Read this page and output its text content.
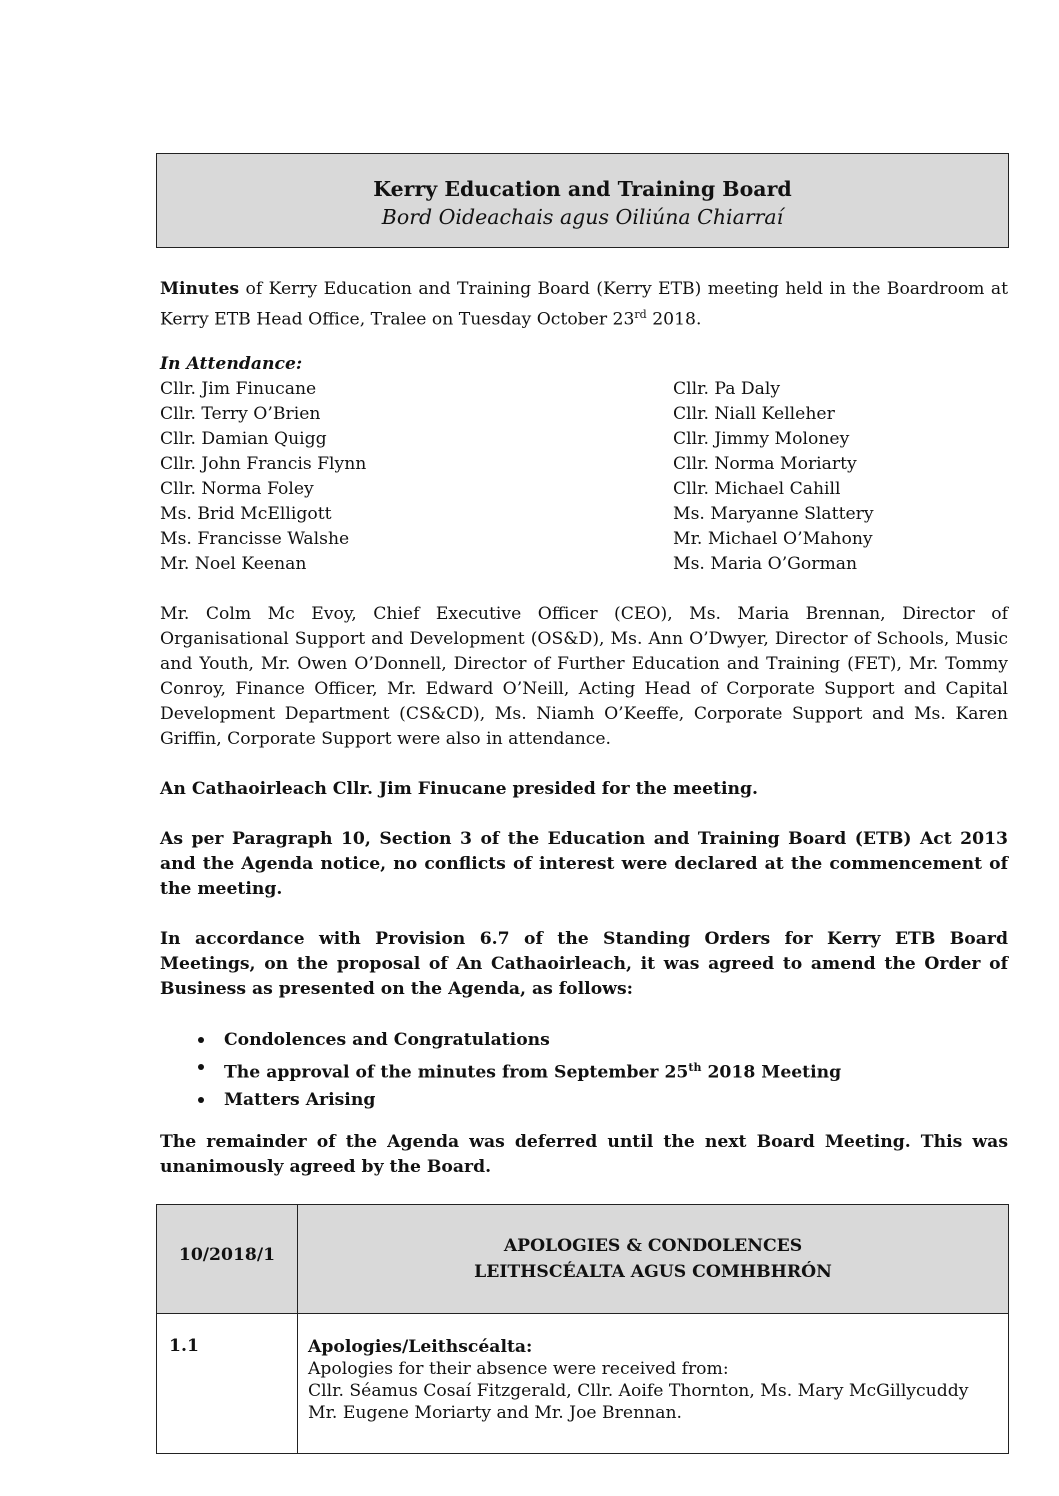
Kerry Education and Training Board
Bord Oideachais agus Oiliúna Chiarraí

Minutes of Kerry Education and Training Board (Kerry ETB) meeting held in the Boardroom at Kerry ETB Head Office, Tralee on Tuesday October 23rd 2018.

In Attendance:
Cllr. Jim Finucane
Cllr. Terry O’Brien
Cllr. Damian Quigg
Cllr. John Francis Flynn
Cllr. Norma Foley
Ms. Brid McElligott
Ms. Francisse Walshe
Mr. Noel Keenan
Cllr. Pa Daly
Cllr. Niall Kelleher
Cllr. Jimmy Moloney
Cllr. Norma Moriarty
Cllr. Michael Cahill
Ms. Maryanne Slattery
Mr. Michael O’Mahony
Ms. Maria O’Gorman

Mr. Colm Mc Evoy, Chief Executive Officer (CEO), Ms. Maria Brennan, Director of Organisational Support and Development (OS&D), Ms. Ann O’Dwyer, Director of Schools, Music and Youth, Mr. Owen O’Donnell, Director of Further Education and Training (FET), Mr. Tommy Conroy, Finance Officer, Mr. Edward O’Neill, Acting Head of Corporate Support and Capital Development Department (CS&CD), Ms. Niamh O’Keeffe, Corporate Support and Ms. Karen Griffin, Corporate Support were also in attendance.

An Cathaoirleach Cllr. Jim Finucane presided for the meeting.

As per Paragraph 10, Section 3 of the Education and Training Board (ETB) Act 2013 and the Agenda notice, no conflicts of interest were declared at the commencement of the meeting.

In accordance with Provision 6.7 of the Standing Orders for Kerry ETB Board Meetings, on the proposal of An Cathaoirleach, it was agreed to amend the Order of Business as presented on the Agenda, as follows:

Condolences and Congratulations
The approval of the minutes from September 25th 2018 Meeting
Matters Arising

The remainder of the Agenda was deferred until the next Board Meeting. This was unanimously agreed by the Board.

10/2018/1	APOLOGIES & CONDOLENCES
LEITHSCÉALTA AGUS COMHBHRÓN

1.1	Apologies/Leithscéalta:
Apologies for their absence were received from:
Cllr. Séamus Cosaí Fitzgerald, Cllr. Aoife Thornton, Ms. Mary McGillycuddy
Mr. Eugene Moriarty and Mr. Joe Brennan.
